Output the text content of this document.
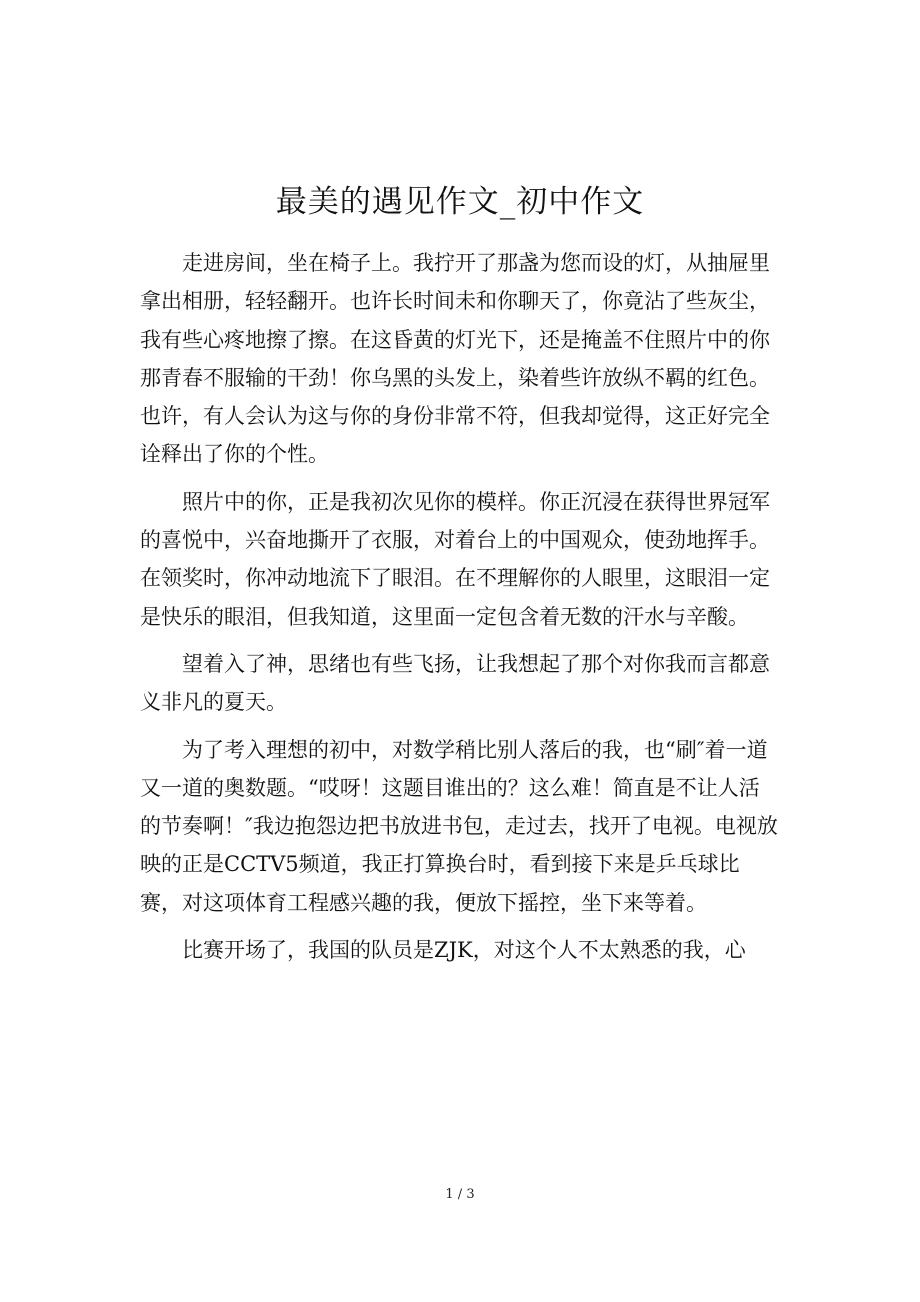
最美的遇见作文_初中作文

走进房间，坐在椅子上。我拧开了那盏为您而设的灯，从抽屉里拿出相册，轻轻翻开。也许长时间未和你聊天了，你竟沾了些灰尘，我有些心疼地擦了擦。在这昏黄的灯光下，还是掩盖不住照片中的你那青春不服输的干劲！你乌黑的头发上，染着些许放纵不羁的红色。也许，有人会认为这与你的身份非常不符，但我却觉得，这正好完全诠释出了你的个性。

照片中的你，正是我初次见你的模样。你正沉浸在获得世界冠军的喜悦中，兴奋地撕开了衣服，对着台上的中国观众，使劲地挥手。在领奖时，你冲动地流下了眼泪。在不理解你的人眼里，这眼泪一定是快乐的眼泪，但我知道，这里面一定包含着无数的汗水与辛酸。

望着入了神，思绪也有些飞扬，让我想起了那个对你我而言都意义非凡的夏天。

为了考入理想的初中，对数学稍比别人落后的我，也“刷″着一道又一道的奥数题。“哎呀！这题目谁出的？这么难！简直是不让人活的节奏啊！″我边抱怨边把书放进书包，走过去，找开了电视。电视放映的正是CCTV5频道，我正打算换台时，看到接下来是乒乓球比赛，对这项体育工程感兴趣的我，便放下摇控，坐下来等着。

比赛开场了，我国的队员是ZJK，对这个人不太熟悉的我，心

1 / 3
